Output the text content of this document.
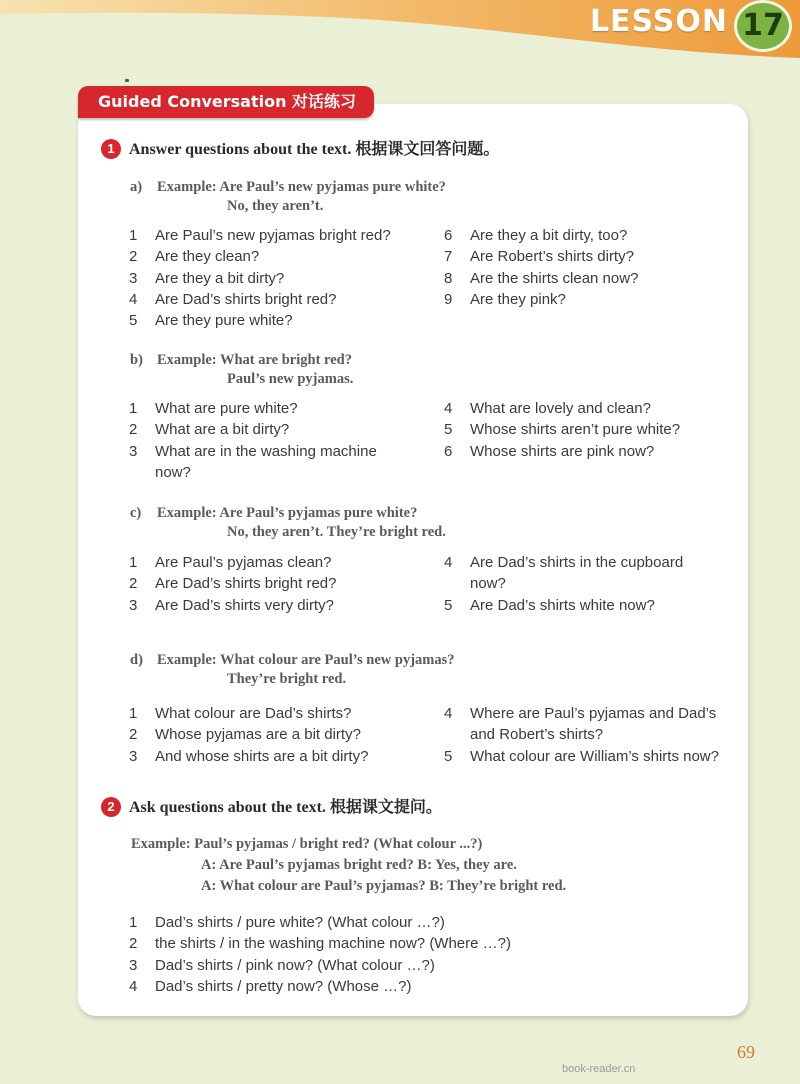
LESSON 17
Guided Conversation 对话练习
1 Answer questions about the text. 根据课文回答问题。
a) Example: Are Paul’s new pyjamas pure white?
No, they aren’t.
1 Are Paul’s new pyjamas bright red?
2 Are they clean?
3 Are they a bit dirty?
4 Are Dad’s shirts bright red?
5 Are they pure white?
6 Are they a bit dirty, too?
7 Are Robert’s shirts dirty?
8 Are the shirts clean now?
9 Are they pink?
b) Example: What are bright red?
Paul’s new pyjamas.
1 What are pure white?
2 What are a bit dirty?
3 What are in the washing machine
now?
4 What are lovely and clean?
5 Whose shirts aren’t pure white?
6 Whose shirts are pink now?
c) Example: Are Paul’s pyjamas pure white?
No, they aren’t. They’re bright red.
1 Are Paul’s pyjamas clean?
2 Are Dad’s shirts bright red?
3 Are Dad’s shirts very dirty?
4 Are Dad’s shirts in the cupboard
now?
5 Are Dad’s shirts white now?
d) Example: What colour are Paul’s new pyjamas?
They’re bright red.
1 What colour are Dad’s shirts?
2 Whose pyjamas are a bit dirty?
3 And whose shirts are a bit dirty?
4 Where are Paul’s pyjamas and Dad’s
and Robert’s shirts?
5 What colour are William’s shirts now?
2 Ask questions about the text. 根据课文提问。
Example: Paul’s pyjamas / bright red? (What colour ...?)
A: Are Paul’s pyjamas bright red? B: Yes, they are.
A: What colour are Paul’s pyjamas? B: They’re bright red.
1 Dad’s shirts / pure white? (What colour …?)
2 the shirts / in the washing machine now? (Where …?)
3 Dad’s shirts / pink now? (What colour …?)
4 Dad’s shirts / pretty now? (Whose …?)
69
book-reader.cn
